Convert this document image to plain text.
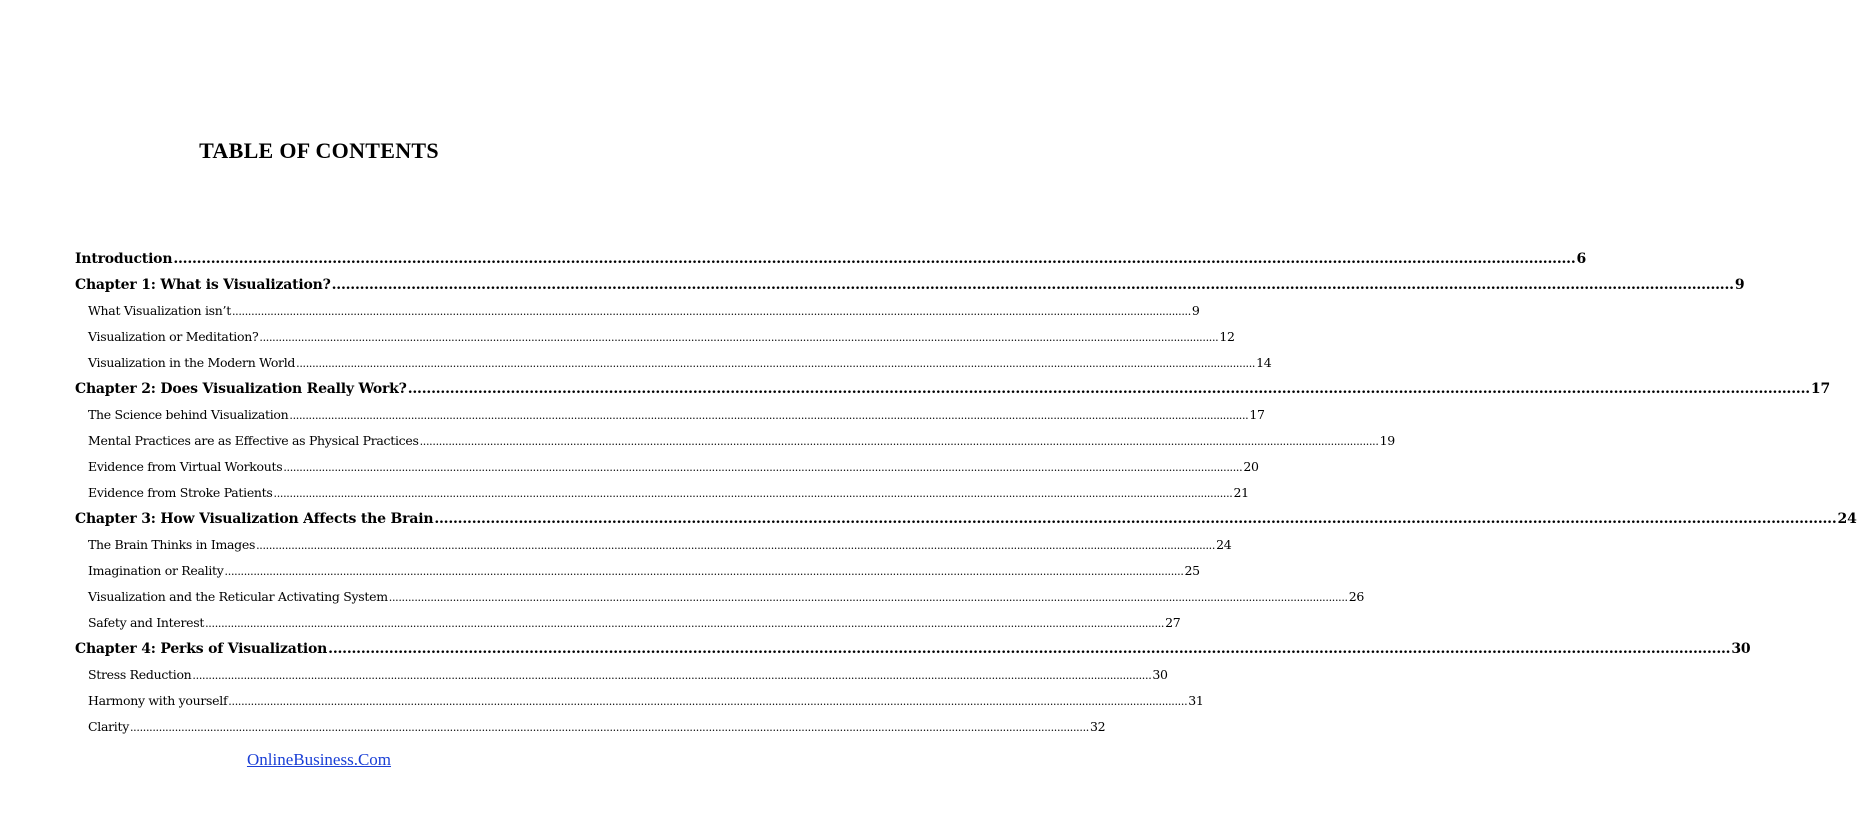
TABLE OF CONTENTS
Introduction ............................................................................................................................................................................................................................................................................................................ 6
Chapter 1: What is Visualization? ............................................................................................................................................................................................................................................................................................................ 9
What Visualization isn’t ............................................................................................................................................................................................................................................................................................................ 9
Visualization or Meditation? ............................................................................................................................................................................................................................................................................................................ 12
Visualization in the Modern World ............................................................................................................................................................................................................................................................................................................ 14
Chapter 2: Does Visualization Really Work? ............................................................................................................................................................................................................................................................................................................ 17
The Science behind Visualization ............................................................................................................................................................................................................................................................................................................ 17
Mental Practices are as Effective as Physical Practices ............................................................................................................................................................................................................................................................................................................ 19
Evidence from Virtual Workouts ............................................................................................................................................................................................................................................................................................................ 20
Evidence from Stroke Patients ............................................................................................................................................................................................................................................................................................................ 21
Chapter 3: How Visualization Affects the Brain ............................................................................................................................................................................................................................................................................................................ 24
The Brain Thinks in Images ............................................................................................................................................................................................................................................................................................................ 24
Imagination or Reality ............................................................................................................................................................................................................................................................................................................ 25
Visualization and the Reticular Activating System ............................................................................................................................................................................................................................................................................................................ 26
Safety and Interest ............................................................................................................................................................................................................................................................................................................ 27
Chapter 4: Perks of Visualization ............................................................................................................................................................................................................................................................................................................ 30
Stress Reduction ............................................................................................................................................................................................................................................................................................................ 30
Harmony with yourself ............................................................................................................................................................................................................................................................................................................ 31
Clarity ............................................................................................................................................................................................................................................................................................................ 32
OnlineBusiness.Com
